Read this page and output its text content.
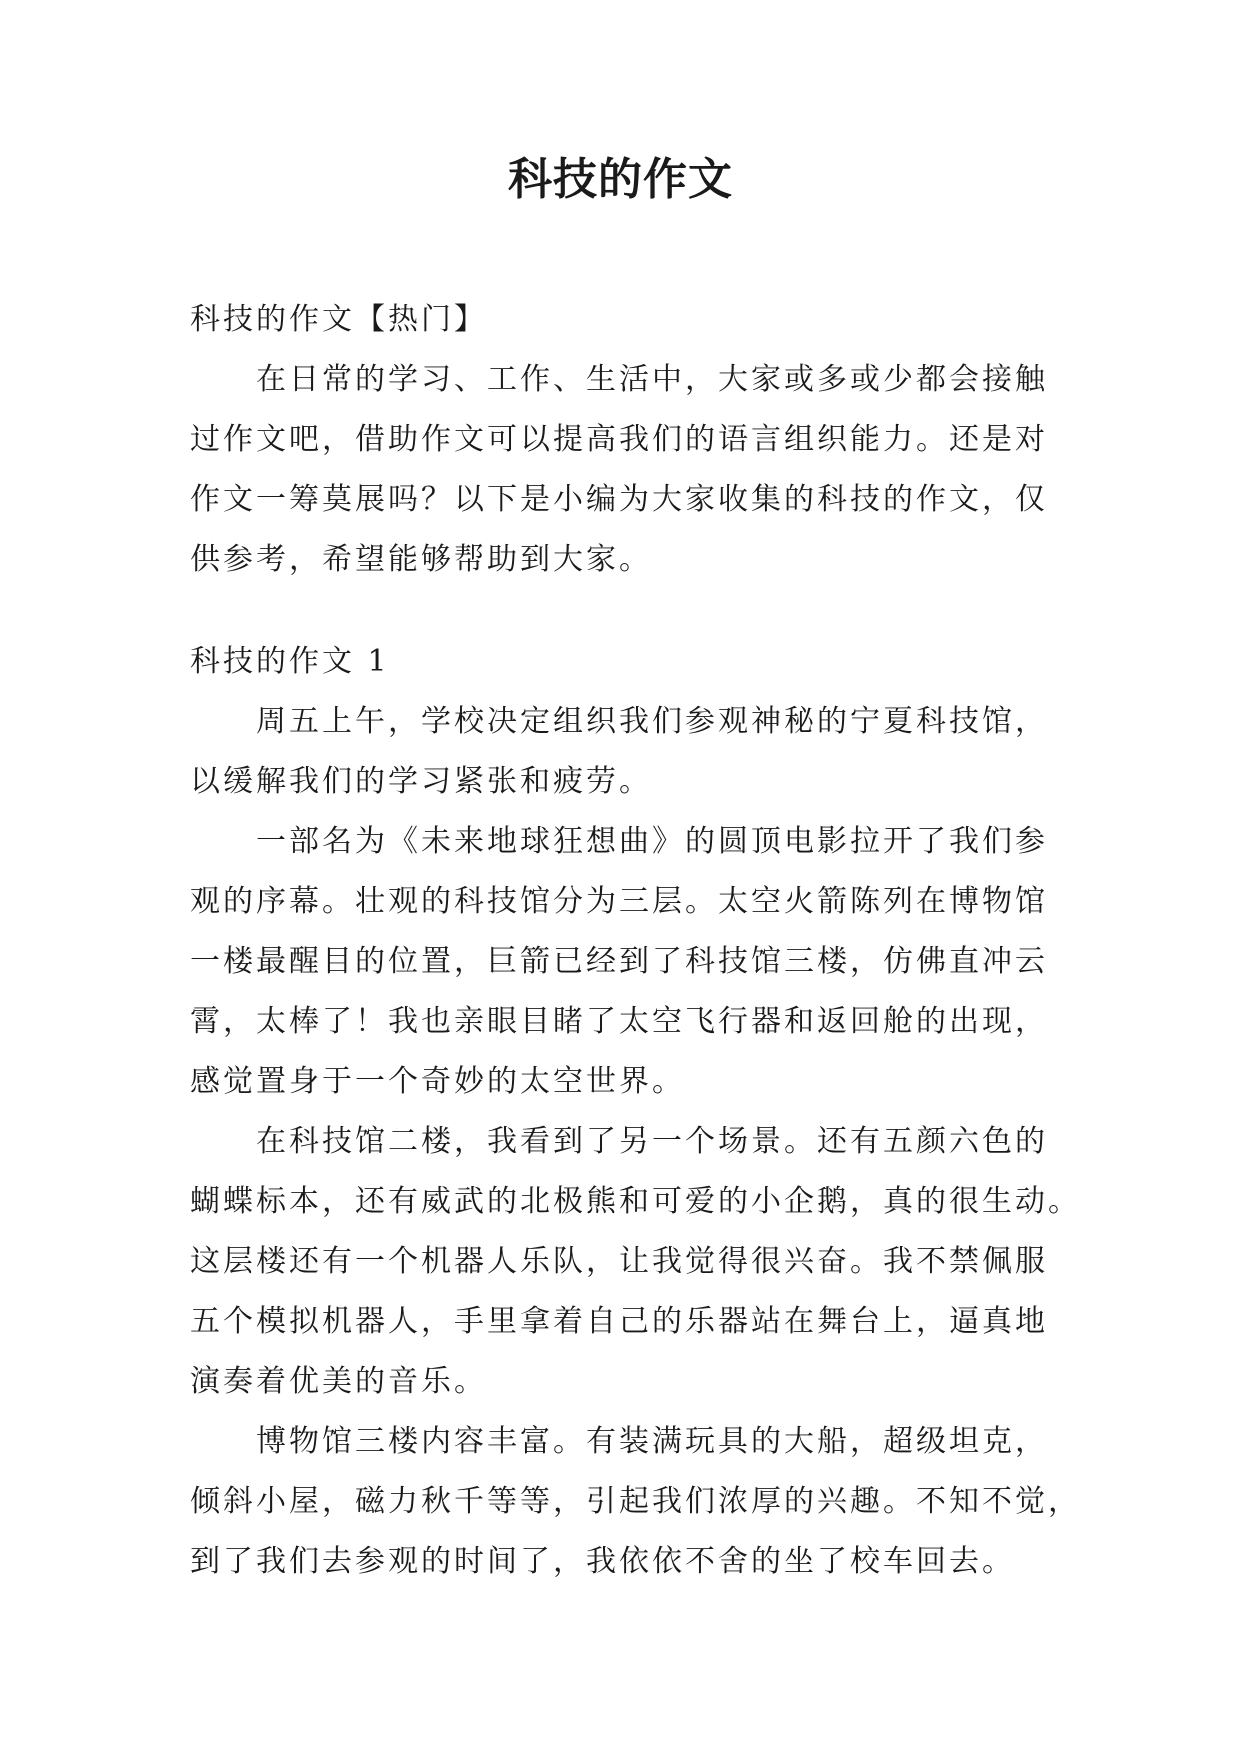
科技的作文

科技的作文【热门】

在日常的学习、工作、生活中，大家或多或少都会接触

过作文吧，借助作文可以提高我们的语言组织能力。还是对

作文一筹莫展吗？以下是小编为大家收集的科技的作文，仅

供参考，希望能够帮助到大家。

科技的作文 1

周五上午，学校决定组织我们参观神秘的宁夏科技馆，

以缓解我们的学习紧张和疲劳。

一部名为《未来地球狂想曲》的圆顶电影拉开了我们参

观的序幕。壮观的科技馆分为三层。太空火箭陈列在博物馆

一楼最醒目的位置，巨箭已经到了科技馆三楼，仿佛直冲云

霄，太棒了！我也亲眼目睹了太空飞行器和返回舱的出现，

感觉置身于一个奇妙的太空世界。

在科技馆二楼，我看到了另一个场景。还有五颜六色的

蝴蝶标本，还有威武的北极熊和可爱的小企鹅，真的很生动。

这层楼还有一个机器人乐队，让我觉得很兴奋。我不禁佩服

五个模拟机器人，手里拿着自己的乐器站在舞台上，逼真地

演奏着优美的音乐。

博物馆三楼内容丰富。有装满玩具的大船，超级坦克，

倾斜小屋，磁力秋千等等，引起我们浓厚的兴趣。不知不觉，

到了我们去参观的时间了，我依依不舍的坐了校车回去。
